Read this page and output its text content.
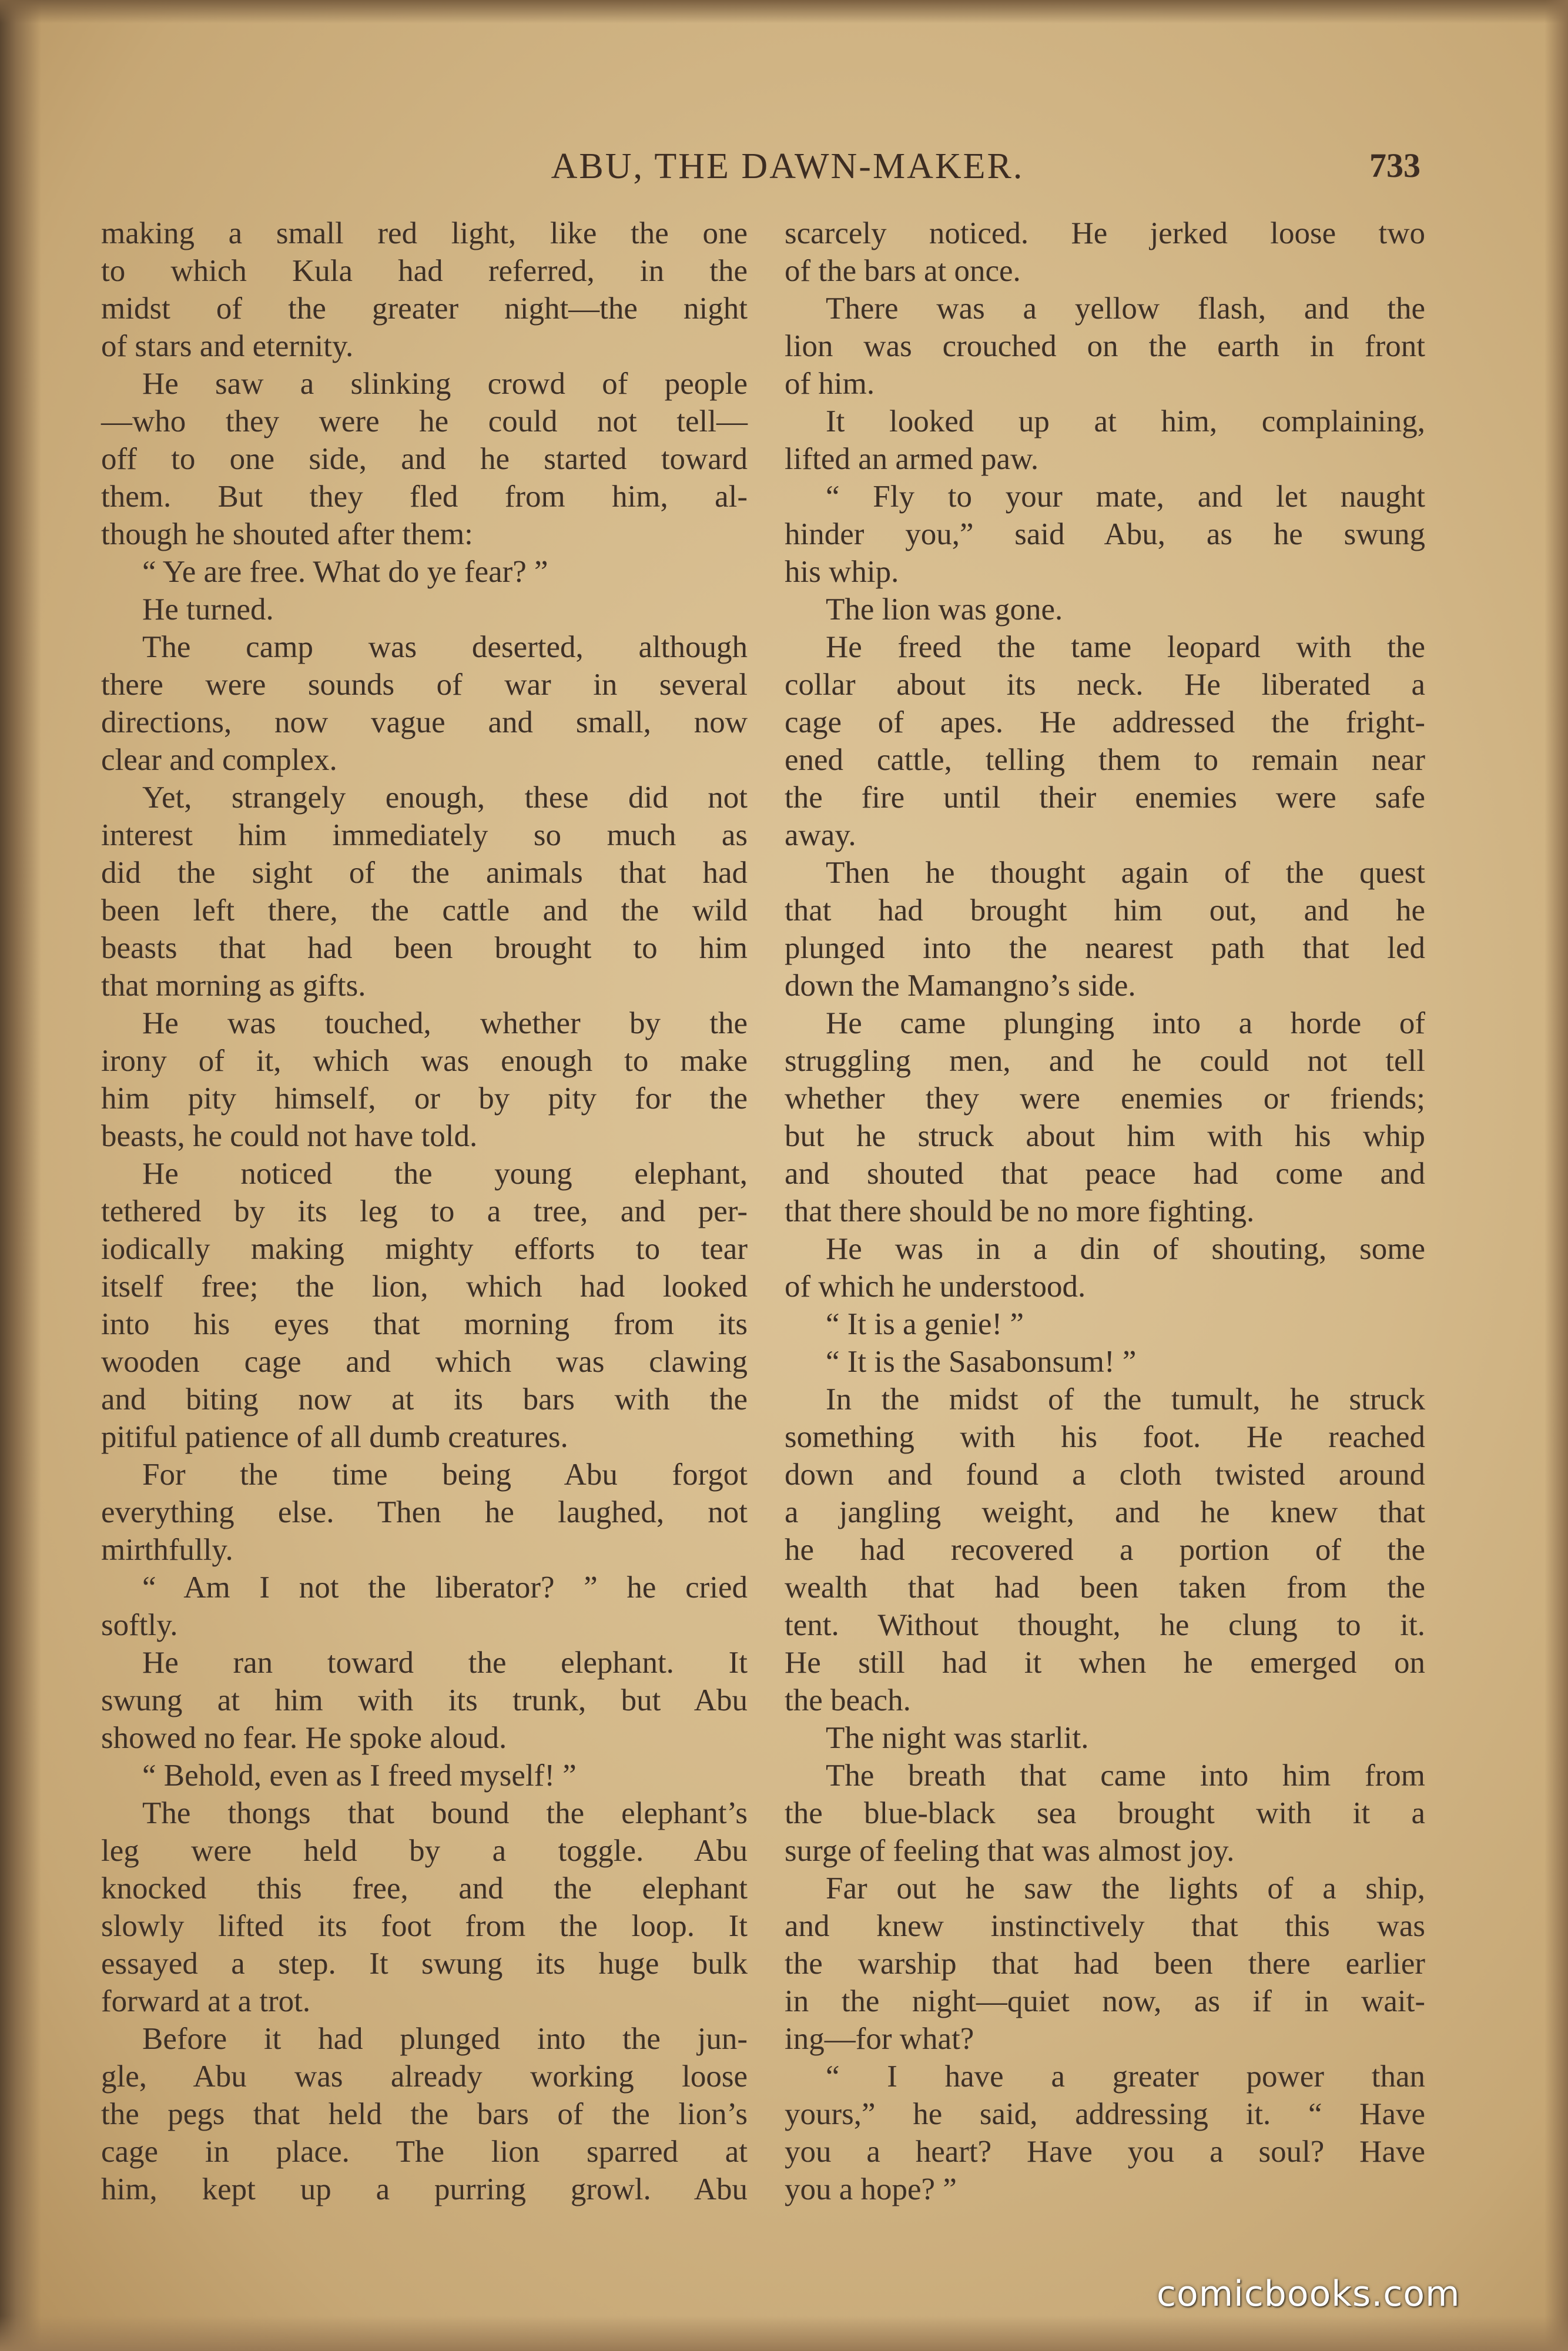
ABU, THE DAWN-MAKER.	733
making a small red light, like the one
to which Kula had referred, in the
midst of the greater night—the night
of stars and eternity.
He saw a slinking crowd of people
—who they were he could not tell—
off to one side, and he started toward
them. But they fled from him, al-
though he shouted after them:
“ Ye are free. What do ye fear? ”
He turned.
The camp was deserted, although
there were sounds of war in several
directions, now vague and small, now
clear and complex.
Yet, strangely enough, these did not
interest him immediately so much as
did the sight of the animals that had
been left there, the cattle and the wild
beasts that had been brought to him
that morning as gifts.
He was touched, whether by the
irony of it, which was enough to make
him pity himself, or by pity for the
beasts, he could not have told.
He noticed the young elephant,
tethered by its leg to a tree, and per-
iodically making mighty efforts to tear
itself free; the lion, which had looked
into his eyes that morning from its
wooden cage and which was clawing
and biting now at its bars with the
pitiful patience of all dumb creatures.
For the time being Abu forgot
everything else. Then he laughed, not
mirthfully.
“ Am I not the liberator? ” he cried
softly.
He ran toward the elephant. It
swung at him with its trunk, but Abu
showed no fear. He spoke aloud.
“ Behold, even as I freed myself! ”
The thongs that bound the elephant’s
leg were held by a toggle. Abu
knocked this free, and the elephant
slowly lifted its foot from the loop. It
essayed a step. It swung its huge bulk
forward at a trot.
Before it had plunged into the jun-
gle, Abu was already working loose
the pegs that held the bars of the lion’s
cage in place. The lion sparred at
him, kept up a purring growl. Abu
scarcely noticed. He jerked loose two
of the bars at once.
There was a yellow flash, and the
lion was crouched on the earth in front
of him.
It looked up at him, complaining,
lifted an armed paw.
“ Fly to your mate, and let naught
hinder you,” said Abu, as he swung
his whip.
The lion was gone.
He freed the tame leopard with the
collar about its neck. He liberated a
cage of apes. He addressed the fright-
ened cattle, telling them to remain near
the fire until their enemies were safe
away.
Then he thought again of the quest
that had brought him out, and he
plunged into the nearest path that led
down the Mamangno’s side.
He came plunging into a horde of
struggling men, and he could not tell
whether they were enemies or friends;
but he struck about him with his whip
and shouted that peace had come and
that there should be no more fighting.
He was in a din of shouting, some
of which he understood.
“ It is a genie! ”
“ It is the Sasabonsum! ”
In the midst of the tumult, he struck
something with his foot. He reached
down and found a cloth twisted around
a jangling weight, and he knew that
he had recovered a portion of the
wealth that had been taken from the
tent. Without thought, he clung to it.
He still had it when he emerged on
the beach.
The night was starlit.
The breath that came into him from
the blue-black sea brought with it a
surge of feeling that was almost joy.
Far out he saw the lights of a ship,
and knew instinctively that this was
the warship that had been there earlier
in the night—quiet now, as if in wait-
ing—for what?
“ I have a greater power than
yours,” he said, addressing it. “ Have
you a heart? Have you a soul? Have
you a hope? ”
comicbooks.com
